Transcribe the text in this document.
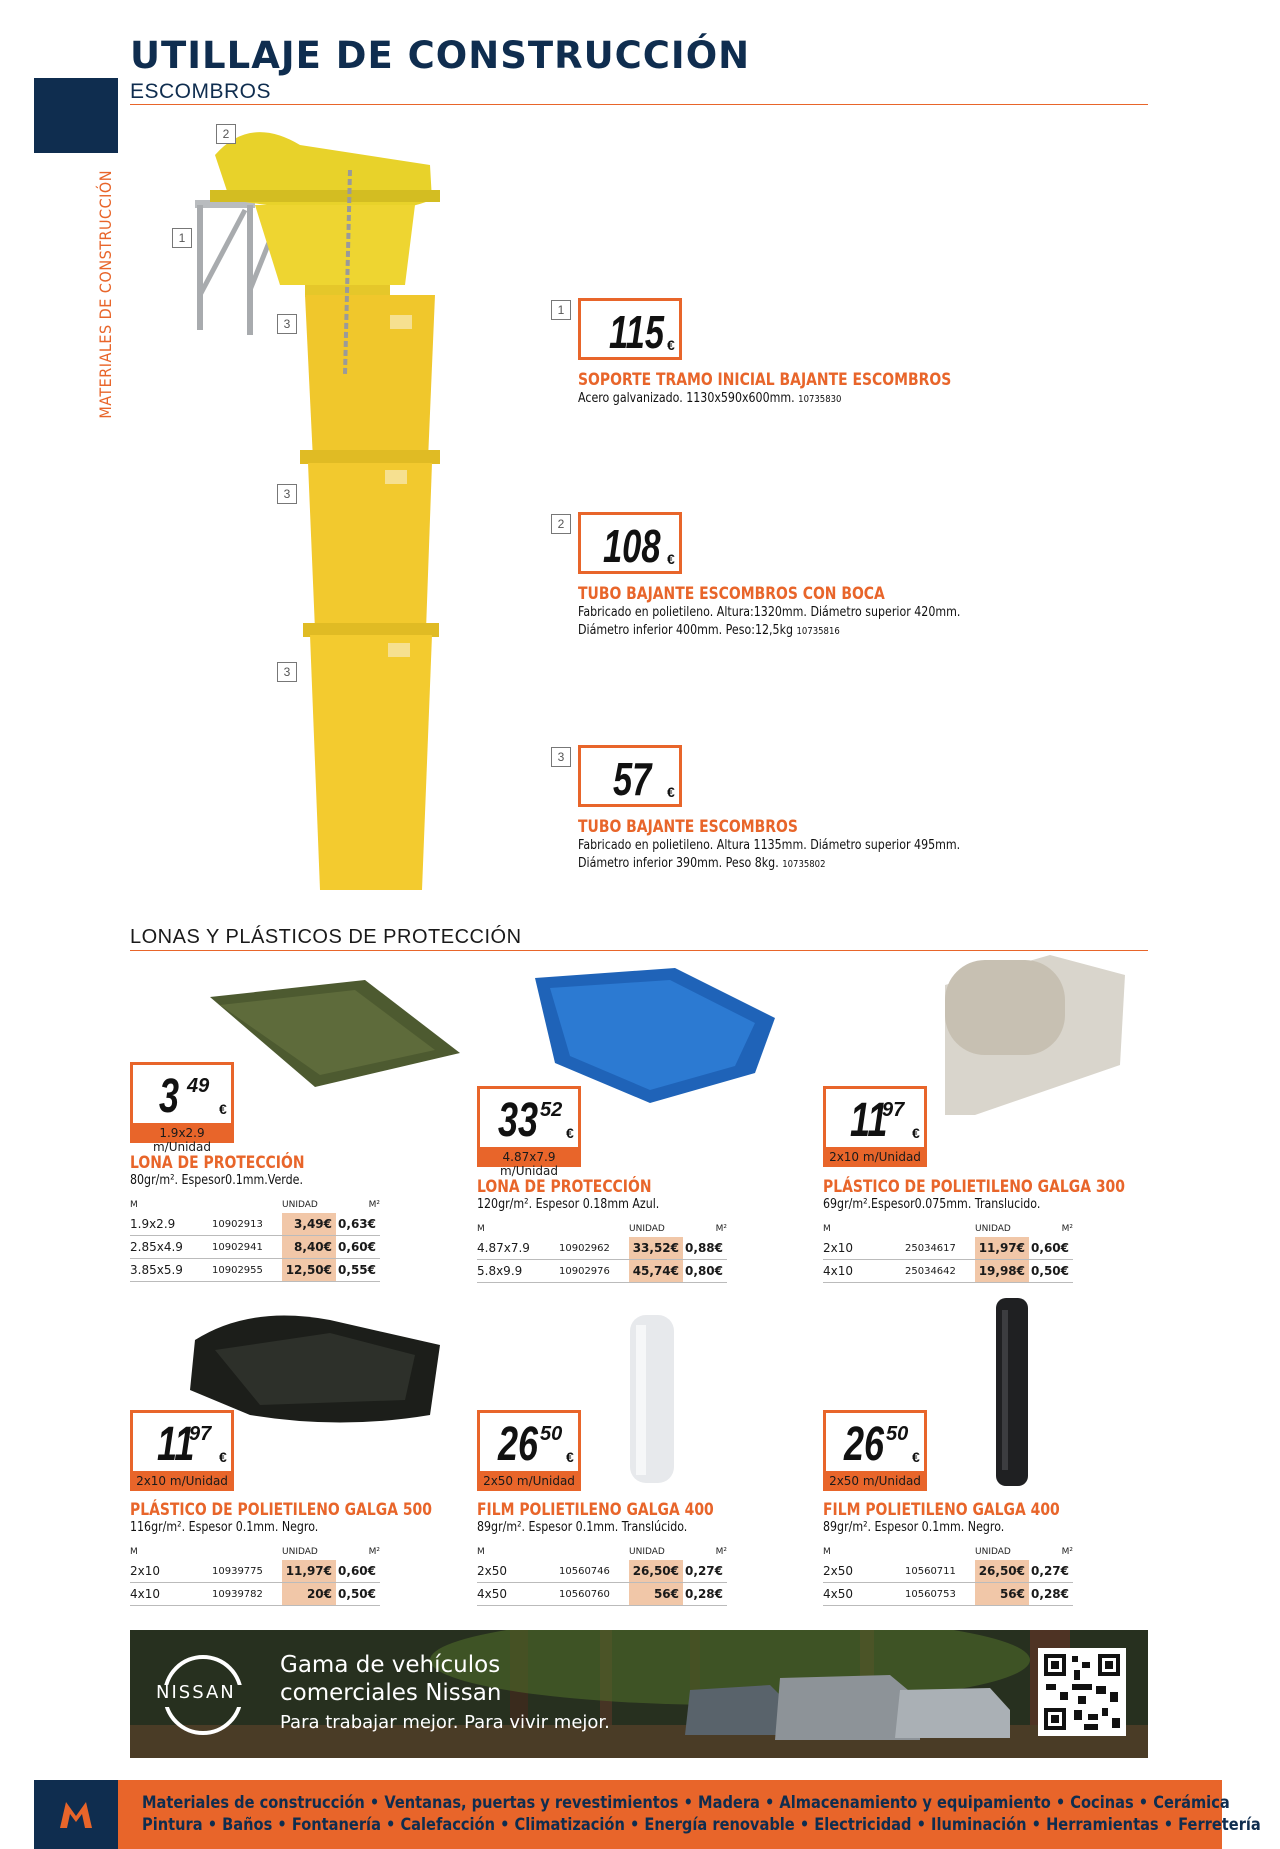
MATERIALES DE CONSTRUCCIÓN
UTILLAJE DE CONSTRUCCIÓN
ESCOMBROS
2
1
3
3
3
1 115 €
SOPORTE TRAMO INICIAL BAJANTE ESCOMBROS
Acero galvanizado. 1130x590x600mm. 10735830
2 108 €
TUBO BAJANTE ESCOMBROS CON BOCA
Fabricado en polietileno. Altura:1320mm. Diámetro superior 420mm.
Diámetro inferior 400mm. Peso:12,5kg 10735816
3 57 €
TUBO BAJANTE ESCOMBROS
Fabricado en polietileno. Altura 1135mm. Diámetro superior 495mm.
Diámetro inferior 390mm. Peso 8kg. 10735802
LONAS Y PLÁSTICOS DE PROTECCIÓN
3 49
€
1.9x2.9 m/Unidad
LONA DE PROTECCIÓN
80gr/m². Espesor0.1mm.Verde.
M		UNIDAD	M²
1.9x2.9	10902913	3,49€	0,63€
2.85x4.9	10902941	8,40€	0,60€
3.85x5.9	10902955	12,50€	0,55€
33 52
€
4.87x7.9 m/Unidad
LONA DE PROTECCIÓN
120gr/m². Espesor 0.18mm Azul.
M		UNIDAD	M²
4.87x7.9	10902962	33,52€	0,88€
5.8x9.9	10902976	45,74€	0,80€
11
97
€
2x10 m/Unidad
PLÁSTICO DE POLIETILENO GALGA 300
69gr/m².Espesor0.075mm. Translucido.
M		UNIDAD	M²
2x10	25034617	11,97€	0,60€
4x10	25034642	19,98€	0,50€
11
97
€
2x10 m/Unidad
PLÁSTICO DE POLIETILENO GALGA 500
116gr/m². Espesor 0.1mm. Negro.
M		UNIDAD	M²
2x10	10939775	11,97€	0,60€
4x10	10939782	20€	0,50€
26 50
€
2x50 m/Unidad
FILM POLIETILENO GALGA 400
89gr/m². Espesor 0.1mm. Translúcido.
M		UNIDAD	M²
2x50	10560746	26,50€	0,27€
4x50	10560760	56€	0,28€
26 50
€
2x50 m/Unidad
FILM POLIETILENO GALGA 400
89gr/m². Espesor 0.1mm. Negro.
M		UNIDAD	M²
2x50	10560711	26,50€	0,27€
4x50	10560753	56€	0,28€
NISSAN
Gama de vehículos
comerciales Nissan
Para trabajar mejor. Para vivir mejor.
Materiales de construcción • Ventanas, puertas y revestimientos • Madera • Almacenamiento y equipamiento • Cocinas • Cerámica
Pintura • Baños • Fontanería • Calefacción • Climatización • Energía renovable • Electricidad • Iluminación • Herramientas • Ferretería
